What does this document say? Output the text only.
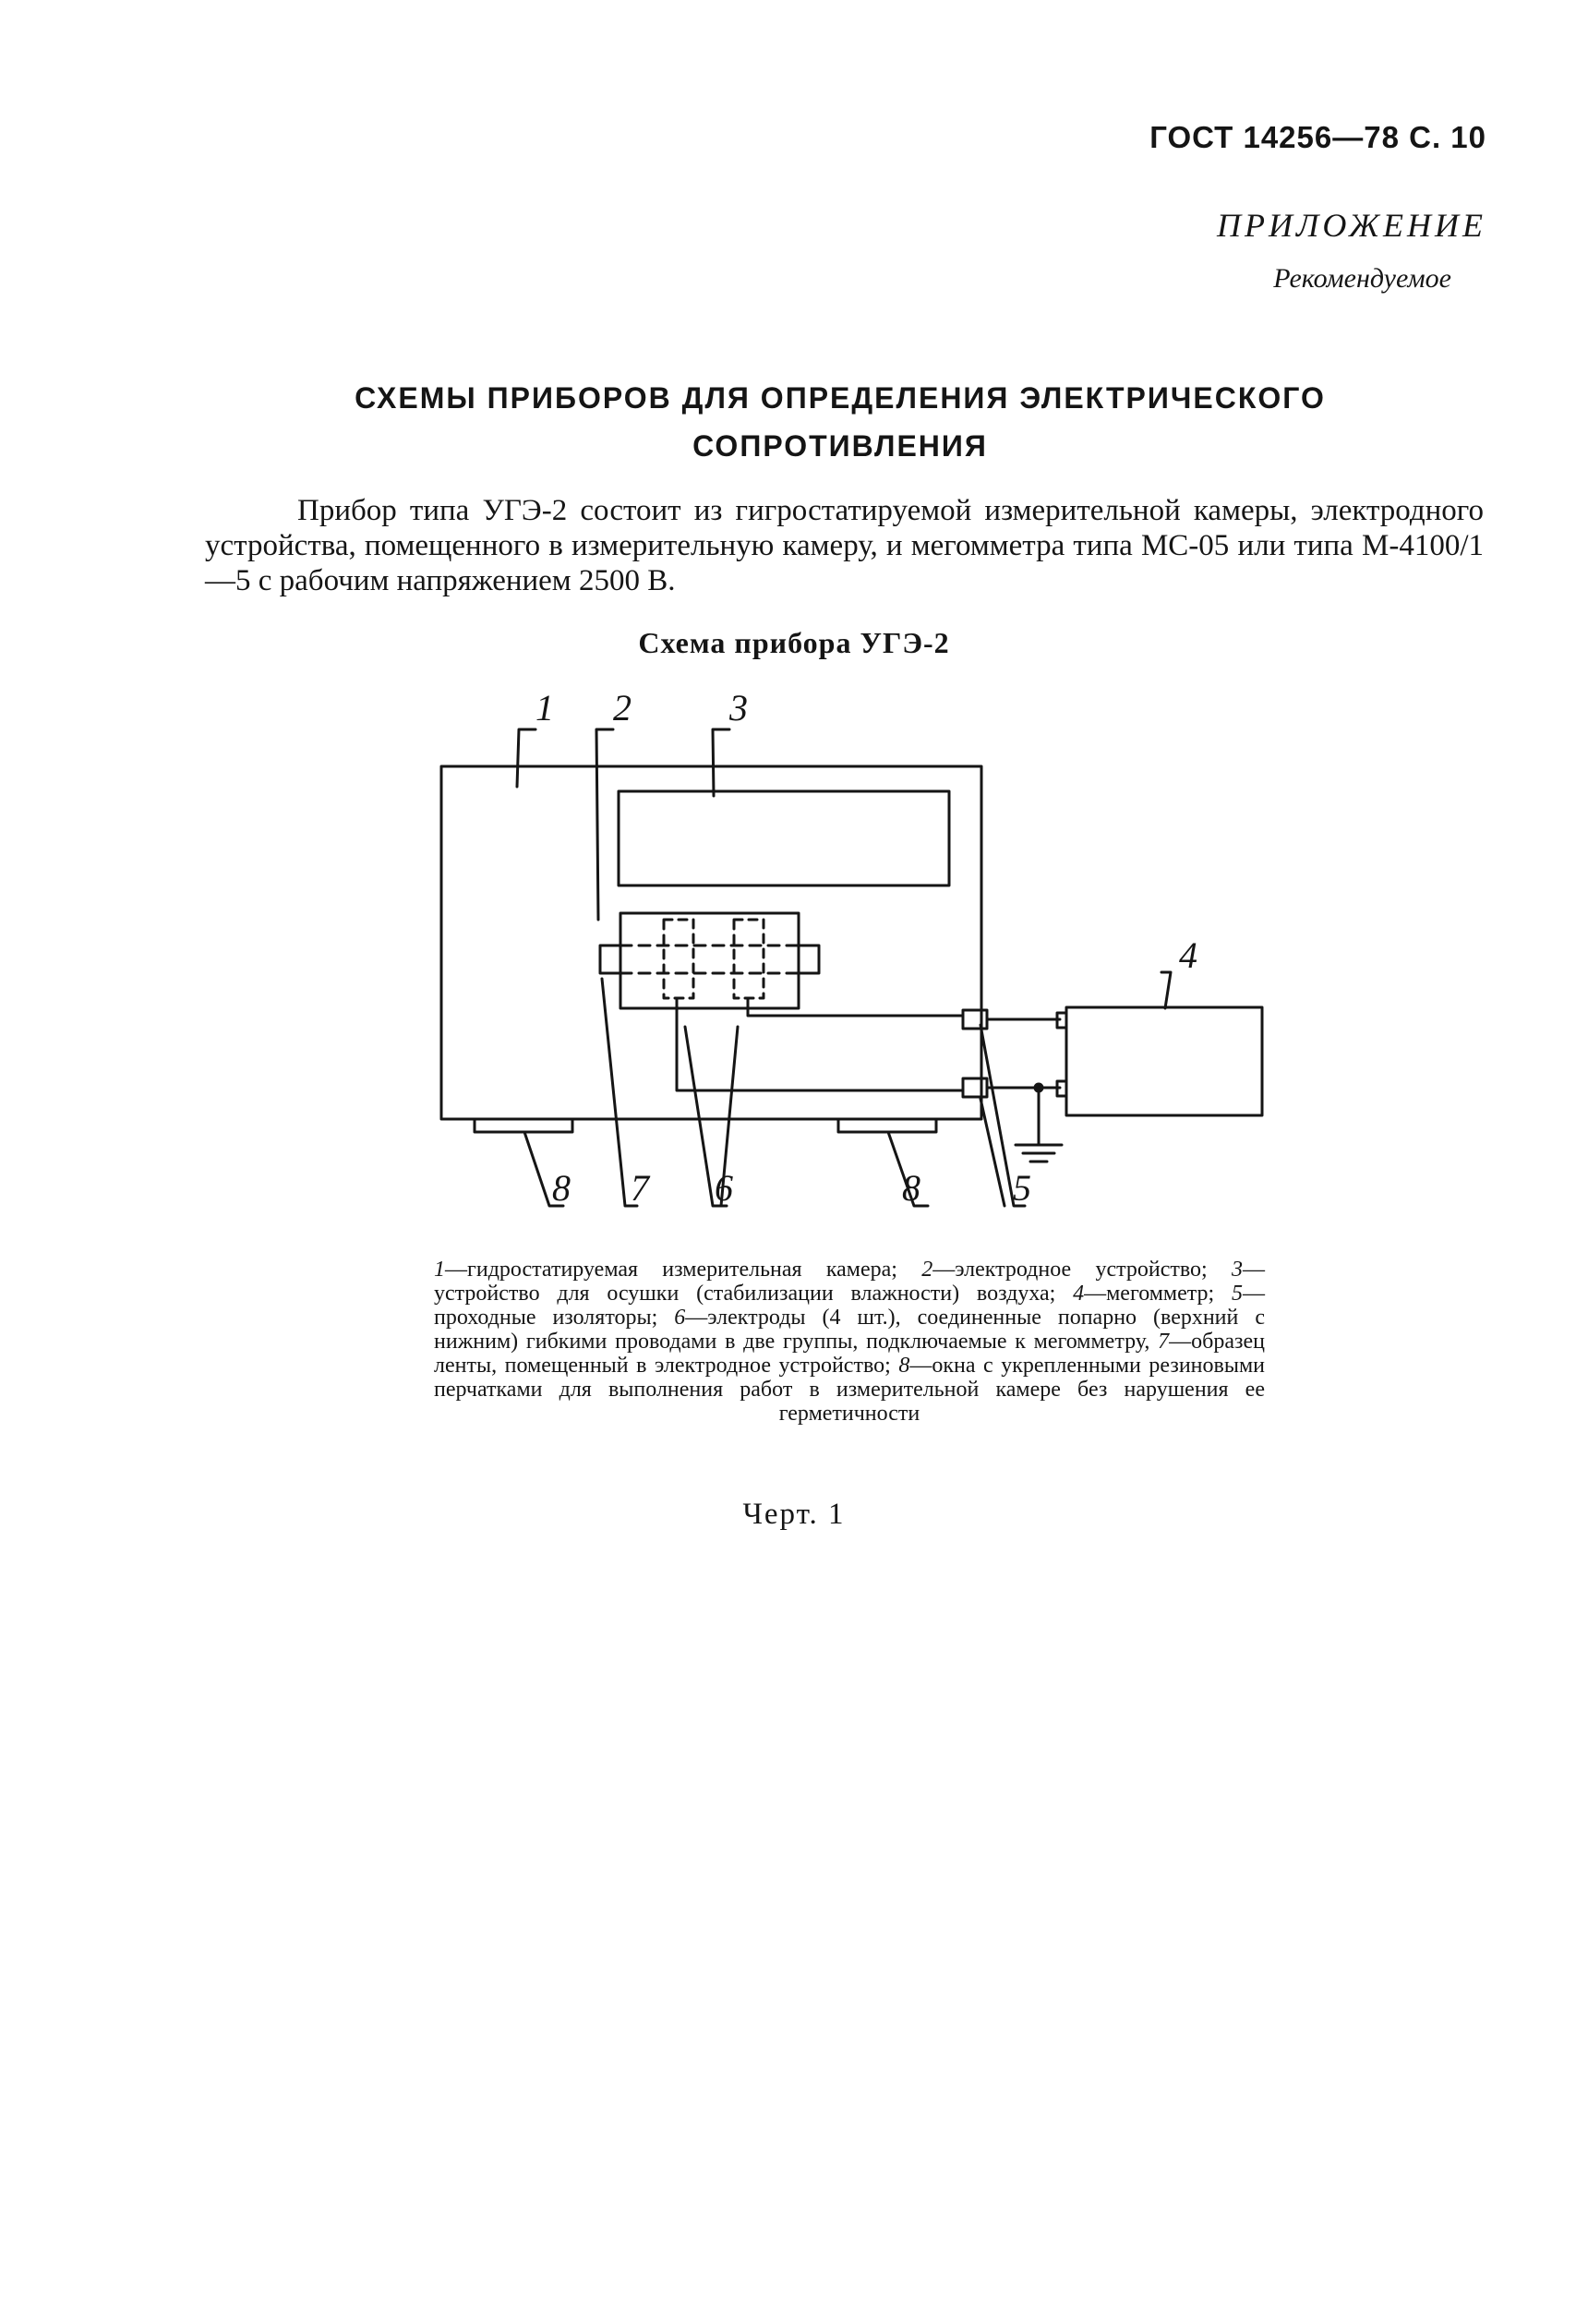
ГОСТ 14256—78 С. 10
ПРИЛОЖЕНИЕ
Рекомендуемое
СХЕМЫ ПРИБОРОВ ДЛЯ ОПРЕДЕЛЕНИЯ ЭЛЕКТРИЧЕСКОГО
СОПРОТИВЛЕНИЯ
Прибор типа УГЭ-2 состоит из гигростатируемой измерительной камеры, электродного устройства, помещенного в измерительную камеру, и мегомметра типа МС-05 или типа М-4100/1—5 с рабочим напряжением 2500 В.
Схема прибора УГЭ-2
1 2	3
4
5
6
7
8	8
1—гидростатируемая измерительная камера; 2—электродное устройство; 3—устройство для осушки (стабилизации влажности) воздуха; 4—мегомметр; 5—проходные изоляторы; 6—электроды (4 шт.), соединенные попарно (верхний с нижним) гибкими проводами в две группы, подключаемые к мегомметру, 7—образец ленты, помещенный в электродное устройство; 8—окна с укрепленными резиновыми перчатками для выполнения работ в измерительной камере без нарушения ее герметичности
Черт. 1
